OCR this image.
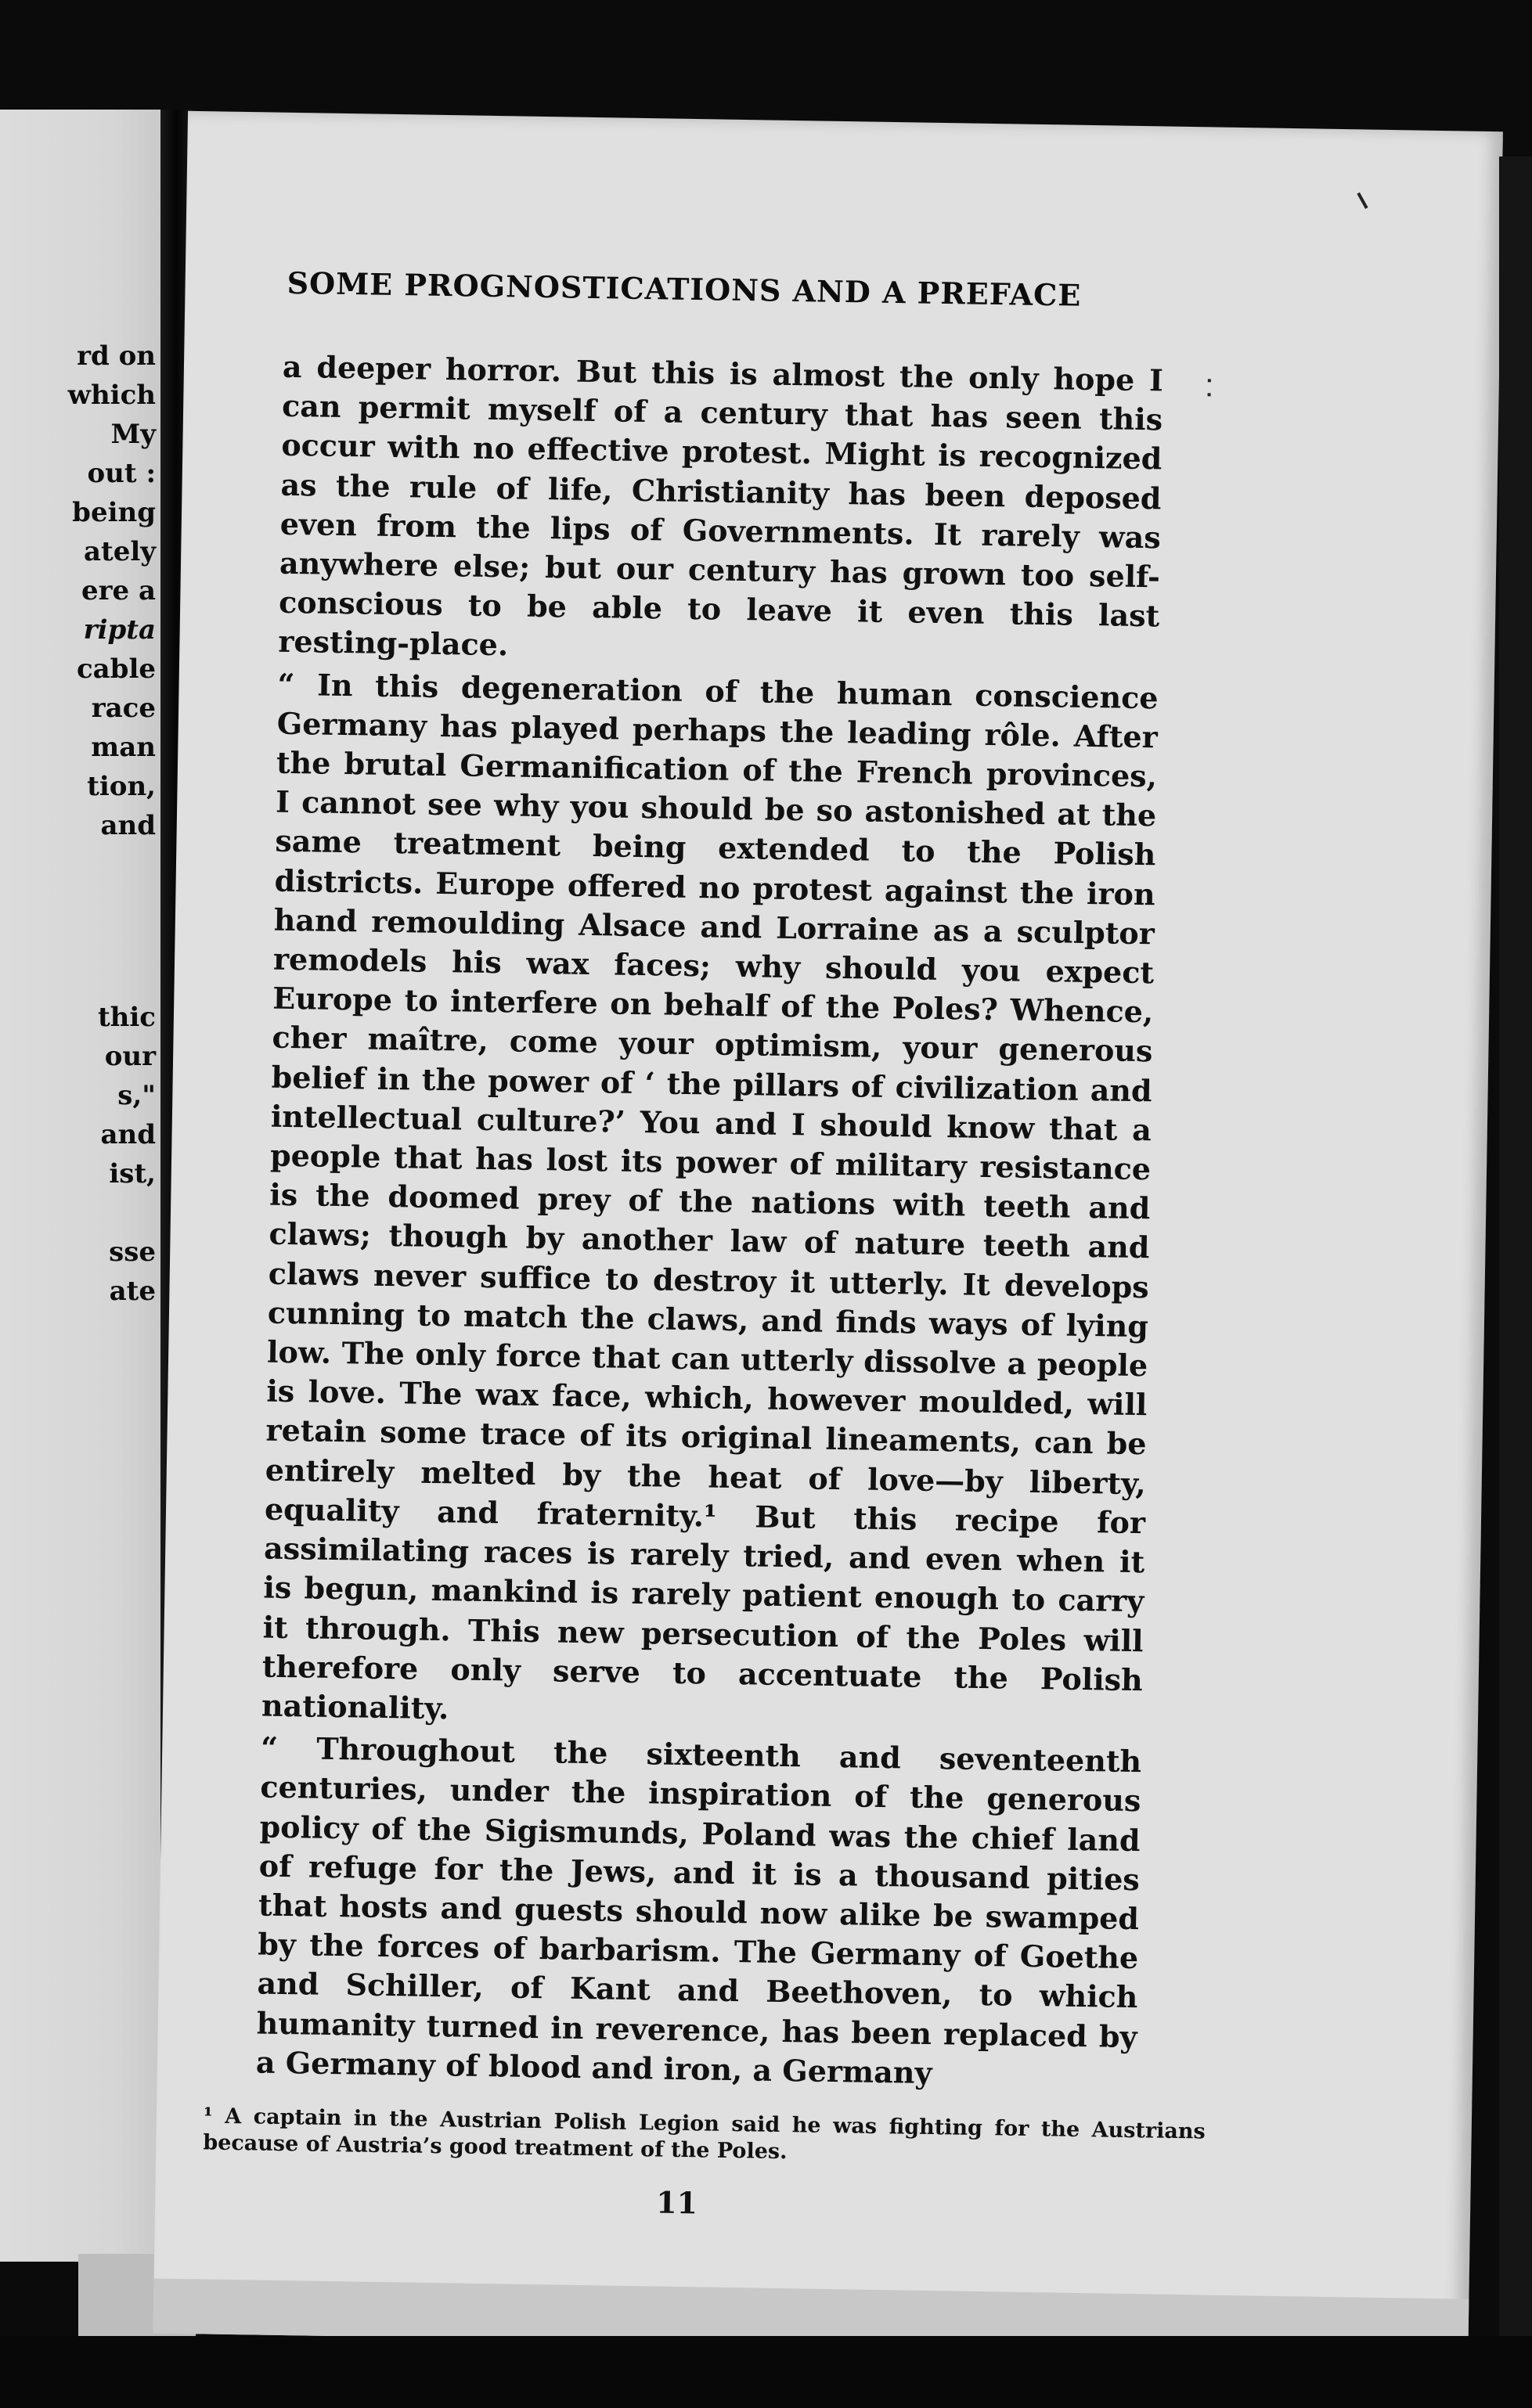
rd on
which
My
out :
being
ately
ere a
ripta
cable
race
man
tion,
and
thic
our
s,"
and
ist,
sse
ate
SOME PROGNOSTICATIONS AND A PREFACE

a deeper horror. But this is almost the only hope I can permit myself of a century that has seen this occur with no effective protest. Might is recognized as the rule of life, Christianity has been deposed even from the lips of Governments. It rarely was anywhere else; but our century has grown too self-conscious to be able to leave it even this last resting-place.

“ In this degeneration of the human conscience Germany has played perhaps the leading rôle. After the brutal Germanification of the French provinces, I cannot see why you should be so astonished at the same treatment being extended to the Polish districts. Europe offered no protest against the iron hand remoulding Alsace and Lorraine as a sculptor remodels his wax faces; why should you expect Europe to interfere on behalf of the Poles? Whence, cher maître, come your optimism, your generous belief in the power of ‘ the pillars of civilization and intellectual culture?’ You and I should know that a people that has lost its power of military resistance is the doomed prey of the nations with teeth and claws; though by another law of nature teeth and claws never suffice to destroy it utterly. It develops cunning to match the claws, and finds ways of lying low. The only force that can utterly dissolve a people is love. The wax face, which, however moulded, will retain some trace of its original lineaments, can be entirely melted by the heat of love—by liberty, equality and fraternity.¹ But this recipe for assimilating races is rarely tried, and even when it is begun, mankind is rarely patient enough to carry it through. This new persecution of the Poles will therefore only serve to accentuate the Polish nationality.

“ Throughout the sixteenth and seventeenth centuries, under the inspiration of the generous policy of the Sigismunds, Poland was the chief land of refuge for the Jews, and it is a thousand pities that hosts and guests should now alike be swamped by the forces of barbarism. The Germany of Goethe and Schiller, of Kant and Beethoven, to which humanity turned in reverence, has been replaced by a Germany of blood and iron, a Germany

¹ A captain in the Austrian Polish Legion said he was fighting for the Austrians because of Austria’s good treatment of the Poles.
11
